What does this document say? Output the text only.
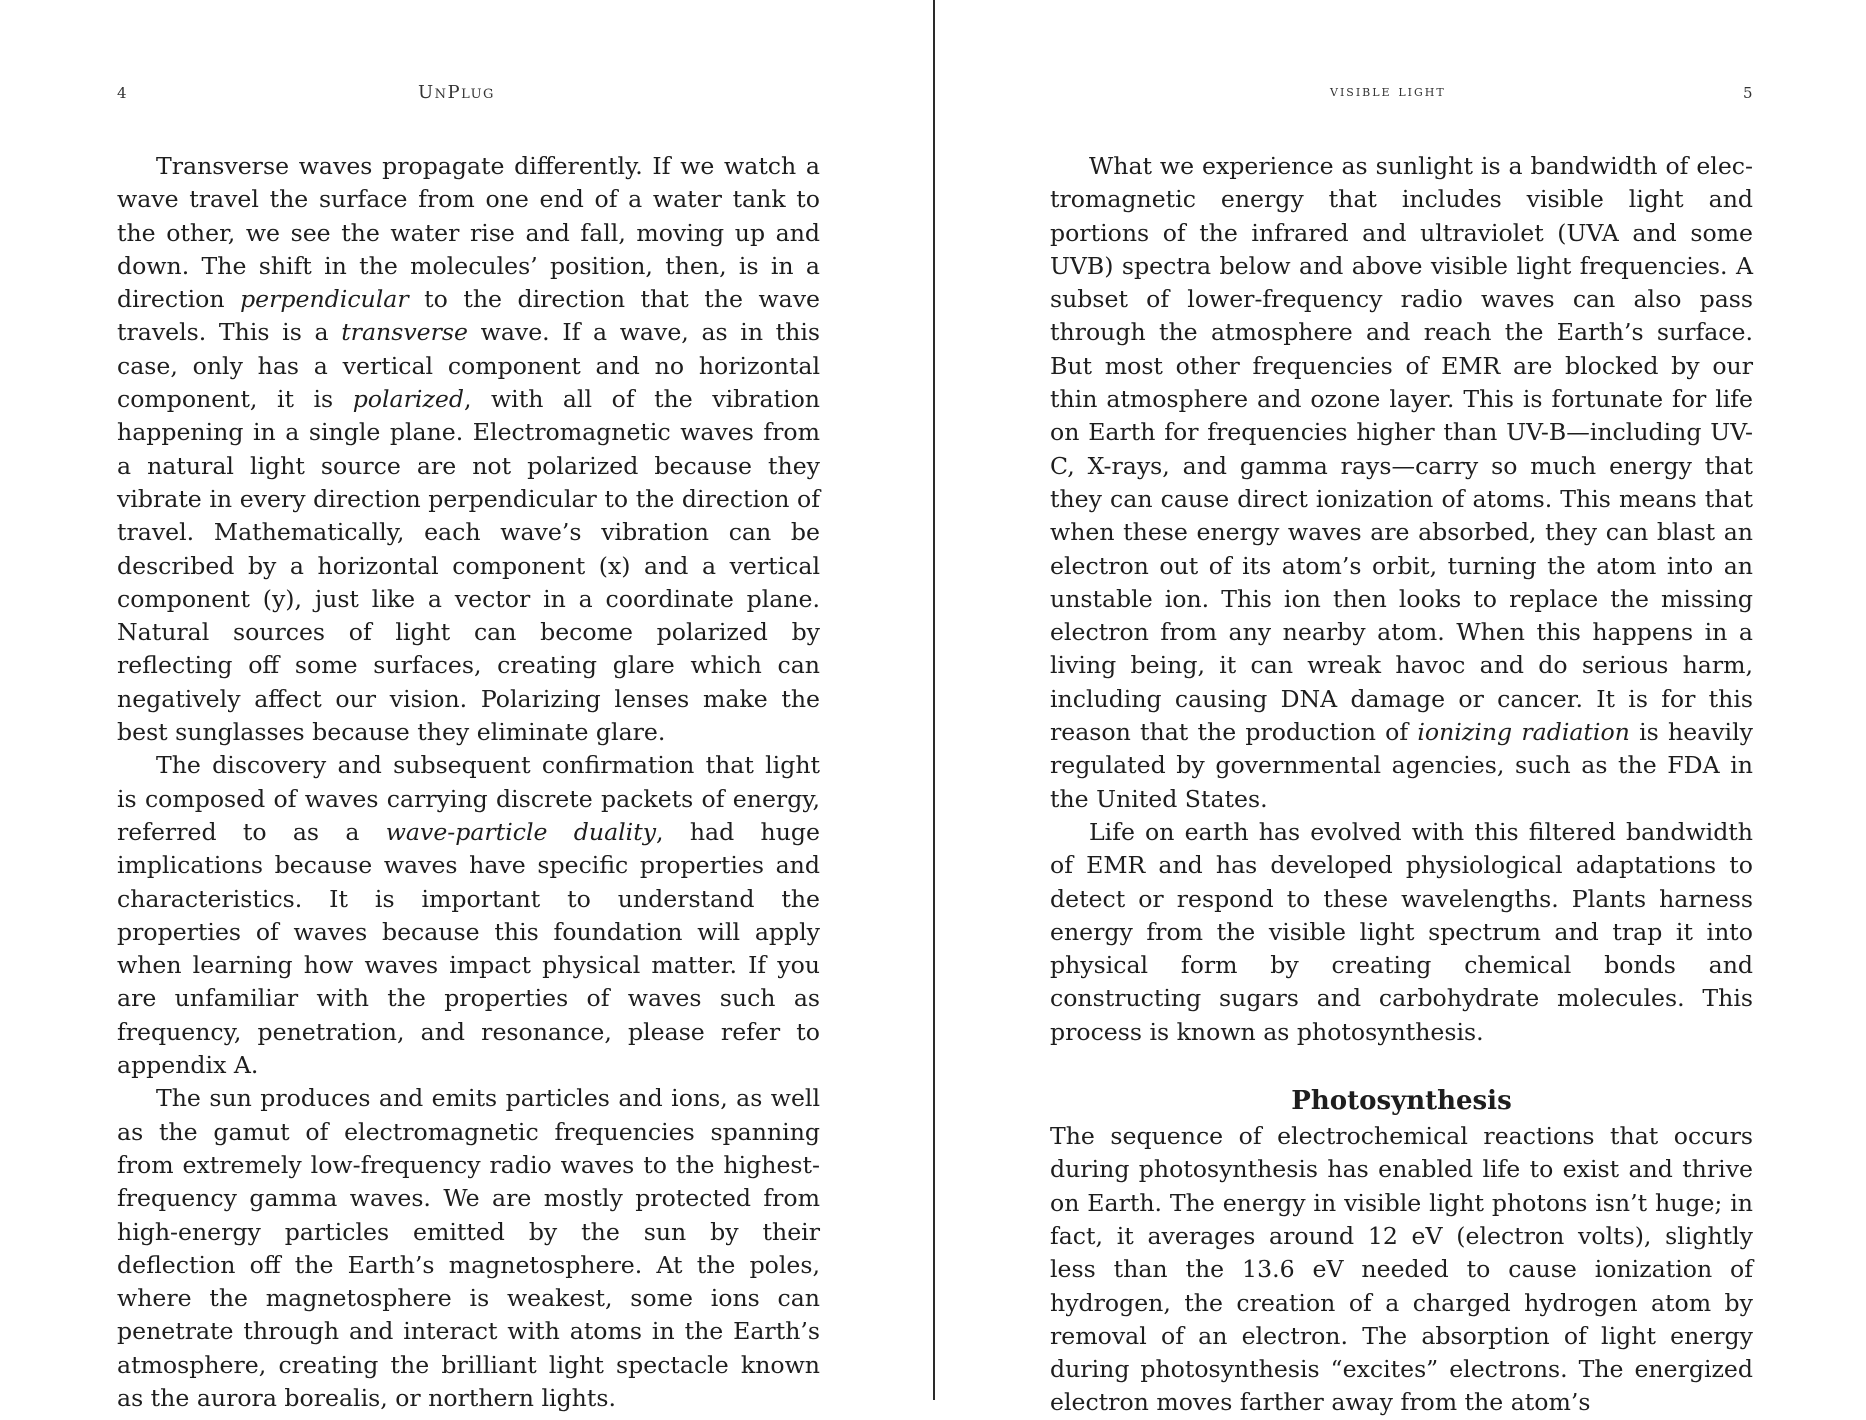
4	UnPlug

Transverse waves propagate differently. If we watch a wave travel the surface from one end of a water tank to the other, we see the water rise and fall, moving up and down. The shift in the molecules’ position, then, is in a direction perpendicular to the direction that the wave travels. This is a transverse wave. If a wave, as in this case, only has a vertical component and no horizontal component, it is polarized, with all of the vibration happening in a single plane. Electromagnetic waves from a natural light source are not polarized because they vibrate in every direction perpendicular to the direction of travel. Mathematically, each wave’s vibration can be described by a horizontal component (x) and a vertical component (y), just like a vector in a coordinate plane. Natural sources of light can become polarized by reflecting off some surfaces, creating glare which can negatively affect our vision. Polarizing lenses make the best sunglasses because they eliminate glare.

The discovery and subsequent confirmation that light is composed of waves carrying discrete packets of energy, referred to as a wave-particle duality, had huge implications because waves have specific properties and characteristics. It is important to understand the properties of waves because this foundation will apply when learning how waves impact physical matter. If you are unfamiliar with the properties of waves such as frequency, penetration, and resonance, please refer to appendix A.

The sun produces and emits particles and ions, as well as the gamut of electromagnetic frequencies spanning from extremely low-frequency radio waves to the highest-frequency gamma waves. We are mostly protected from high-energy particles emitted by the sun by their deflection off the Earth’s magnetosphere. At the poles, where the magnetosphere is weakest, some ions can penetrate through and interact with atoms in the Earth’s atmosphere, creating the brilliant light spectacle known as the aurora borealis, or northern lights.

visible light	5

What we experience as sunlight is a bandwidth of electromagnetic energy that includes visible light and portions of the infrared and ultraviolet (UVA and some UVB) spectra below and above visible light frequencies. A subset of lower-frequency radio waves can also pass through the atmosphere and reach the Earth’s surface. But most other frequencies of EMR are blocked by our thin atmosphere and ozone layer. This is fortunate for life on Earth for frequencies higher than UV-B—including UV-C, X-rays, and gamma rays—carry so much energy that they can cause direct ionization of atoms. This means that when these energy waves are absorbed, they can blast an electron out of its atom’s orbit, turning the atom into an unstable ion. This ion then looks to replace the missing electron from any nearby atom. When this happens in a living being, it can wreak havoc and do serious harm, including causing DNA damage or cancer. It is for this reason that the production of ionizing radiation is heavily regulated by governmental agencies, such as the FDA in the United States.

Life on earth has evolved with this filtered bandwidth of EMR and has developed physiological adaptations to detect or respond to these wavelengths. Plants harness energy from the visible light spectrum and trap it into physical form by creating chemical bonds and constructing sugars and carbohydrate molecules. This process is known as photosynthesis.

Photosynthesis

The sequence of electrochemical reactions that occurs during photosynthesis has enabled life to exist and thrive on Earth. The energy in visible light photons isn’t huge; in fact, it averages around 12 eV (electron volts), slightly less than the 13.6 eV needed to cause ionization of hydrogen, the creation of a charged hydrogen atom by removal of an electron. The absorption of light energy during photosynthesis “excites” electrons. The energized electron moves farther away from the atom’s
